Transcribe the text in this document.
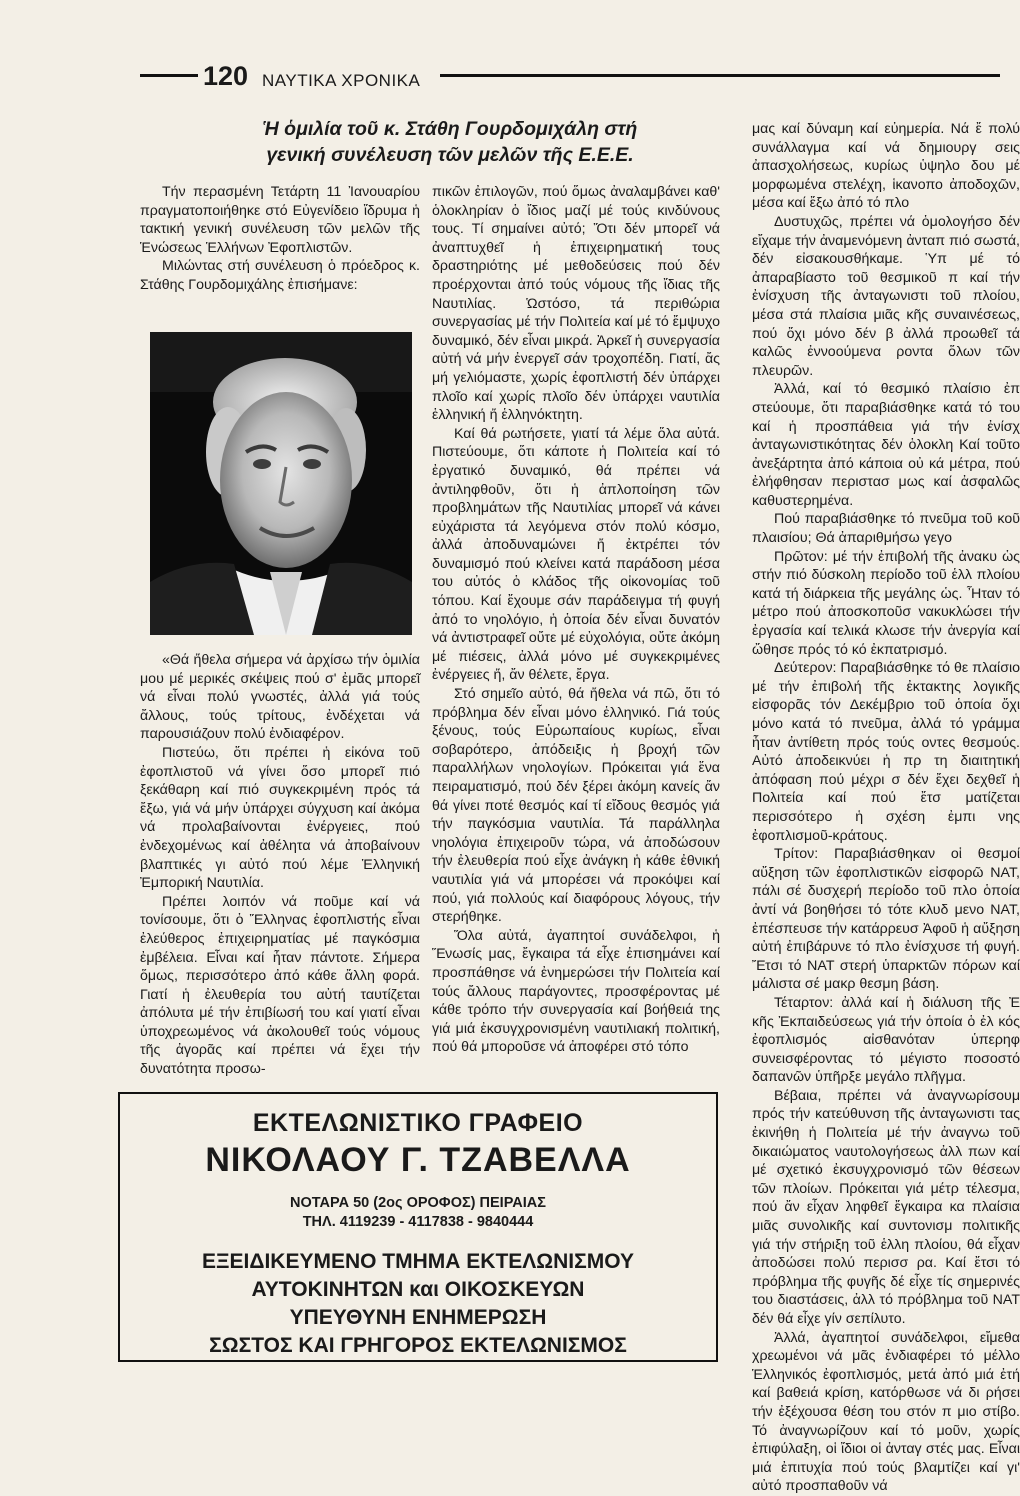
120 ΝΑΥΤΙΚΑ ΧΡΟΝΙΚΑ
Ἡ ὁμιλία τοῦ κ. Στάθη Γουρδομιχάλη στή
γενική συνέλευση τῶν μελῶν τῆς Ε.Ε.Ε.

Τήν περασμένη Τετάρτη 11 Ἰανουαρίου πραγματοποιήθηκε στό Εὐγενίδειο ἵδρυμα ἡ τακτική γενική συνέλευση τῶν μελῶν τῆς Ἑνώσεως Ἑλλήνων Ἐφοπλιστῶν.

Μιλώντας στή συνέλευση ὁ πρόεδρος κ. Στάθης Γουρδομιχάλης ἐπισήμανε:

«Θά ἤθελα σήμερα νά ἀρχίσω τήν ὁμιλία μου μέ μερικές σκέψεις πού σ' ἐμᾶς μπορεῖ νά εἶναι πολύ γνωστές, ἀλλά γιά τούς ἄλλους, τούς τρίτους, ἐνδέχεται νά παρουσιάζουν πολύ ἐνδιαφέρον.

Πιστεύω, ὅτι πρέπει ἡ εἰκόνα τοῦ ἐφοπλιστοῦ νά γίνει ὅσο μπορεῖ πιό ξεκάθαρη καί πιό συγκεκριμένη πρός τά ἔξω, γιά νά μήν ὑπάρχει σύγχυση καί ἀκόμα νά προλαβαίνονται ἐνέργειες, πού ἐνδεχομένως καί ἀθέλητα νά ἀποβαίνουν βλαπτικές γι αὐτό πού λέμε Ἑλληνική Ἐμπορική Ναυτιλία.

Πρέπει λοιπόν νά ποῦμε καί νά τονίσουμε, ὅτι ὁ Ἕλληνας ἐφοπλιστής εἶναι ἐλεύθερος ἐπιχειρηματίας μέ παγκόσμια ἐμβέλεια. Εἶναι καί ἦταν πάντοτε. Σήμερα ὅμως, περισσότερο ἀπό κάθε ἄλλη φορά. Γιατί ἡ ἐλευθερία του αὐτή ταυτίζεται ἀπόλυτα μέ τήν ἐπιβίωσή του καί γιατί εἶναι ὑποχρεωμένος νά ἀκολουθεῖ τούς νόμους τῆς ἀγορᾶς καί πρέπει νά ἔχει τήν δυνατότητα προσω-

πικῶν ἐπιλογῶν, πού ὅμως ἀναλαμβάνει καθ' ὁλοκληρίαν ὁ ἴδιος μαζί μέ τούς κινδύνους τους. Τί σημαίνει αὐτό; Ὅτι δέν μπορεῖ νά ἀναπτυχθεῖ ἡ ἐπιχειρηματική τους δραστηριότης μέ μεθοδεύσεις πού δέν προέρχονται ἀπό τούς νόμους τῆς ἴδιας τῆς Ναυτιλίας. Ὡστόσο, τά περιθώρια συνεργασίας μέ τήν Πολιτεία καί μέ τό ἔμψυχο δυναμικό, δέν εἶναι μικρά. Ἀρκεῖ ἡ συνεργασία αὐτή νά μήν ἐνεργεῖ σάν τροχοπέδη. Γιατί, ἄς μή γελιόμαστε, χωρίς ἐφοπλιστή δέν ὑπάρχει πλοῖο καί χωρίς πλοῖο δέν ὑπάρχει ναυτιλία ἑλληνική ἤ ἑλληνόκτητη.

Καί θά ρωτήσετε, γιατί τά λέμε ὅλα αὐτά. Πιστεύουμε, ὅτι κάποτε ἡ Πολιτεία καί τό ἐργατικό δυναμικό, θά πρέπει νά ἀντιληφθοῦν, ὅτι ἡ ἀπλοποίηση τῶν προβλημάτων τῆς Ναυτιλίας μπορεῖ νά κάνει εὐχάριστα τά λεγόμενα στόν πολύ κόσμο, ἀλλά ἀποδυναμώνει ἤ ἐκτρέπει τόν δυναμισμό πού κλείνει κατά παράδοση μέσα του αὐτός ὁ κλάδος τῆς οἰκονομίας τοῦ τόπου. Καί ἔχουμε σάν παράδειγμα τή φυγή ἀπό το νηολόγιο, ἡ ὁποία δέν εἶναι δυνατόν νά ἀντιστραφεῖ οὔτε μέ εὐχολόγια, οὔτε ἀκόμη μέ πιέσεις, ἀλλά μόνο μέ συγκεκριμένες ἐνέργειες ἤ, ἄν θέλετε, ἔργα.

Στό σημεῖο αὐτό, θά ἤθελα νά πῶ, ὅτι τό πρόβλημα δέν εἶναι μόνο ἑλληνικό. Γιά τούς ξένους, τούς Εὐρωπαίους κυρίως, εἶναι σοβαρότερο, ἀπόδειξις ἡ βροχή τῶν παραλλήλων νηολογίων. Πρόκειται γιά ἕνα πειραματισμό, πού δέν ξέρει ἀκόμη κανείς ἄν θά γίνει ποτέ θεσμός καί τί εἴδους θεσμός γιά τήν παγκόσμια ναυτιλία. Τά παράλληλα νηολόγια ἐπιχειροῦν τώρα, νά ἀποδώσουν τήν ἐλευθερία πού εἶχε ἀνάγκη ἡ κάθε ἐθνική ναυτιλία γιά νά μπορέσει νά προκόψει καί πού, γιά πολλούς καί διαφόρους λόγους, τήν στερήθηκε.

Ὅλα αὐτά, ἀγαπητοί συνάδελφοι, ἡ Ἕνωσίς μας, ἔγκαιρα τά εἶχε ἐπισημάνει καί προσπάθησε νά ἐνημερώσει τήν Πολιτεία καί τούς ἄλλους παράγοντες, προσφέροντας μέ κάθε τρόπο τήν συνεργασία καί βοήθειά της γιά μιά ἐκσυγχρονισμένη ναυτιλιακή πολιτική, πού θά μποροῦσε νά ἀποφέρει στό τόπο

μας καί δύναμη καί εὐημερία. Νά ἔ πολύ συνάλλαγμα καί νά δημιουργ σεις ἀπασχολήσεως, κυρίως ὑψηλο δου μέ μορφωμένα στελέχη, ἱκανοπο ἀποδοχῶν, μέσα καί ἔξω ἀπό τό πλο

Δυστυχῶς, πρέπει νά ὁμολογήσο δέν εἴχαμε τήν ἀναμενόμενη ἀνταπ πιό σωστά, δέν εἰσακουσθήκαμε. Ὑπ μέ τό ἀπαραβίαστο τοῦ θεσμικοῦ π καί τήν ἐνίσχυση τῆς ἀνταγωνιστι τοῦ πλοίου, μέσα στά πλαίσια μιᾶς κῆς συναινέσεως, πού ὄχι μόνο δέν β ἀλλά προωθεῖ τά καλῶς ἐννοούμενα ροντα ὅλων τῶν πλευρῶν.

Ἀλλά, καί τό θεσμικό πλαίσιο ἐπ στεύουμε, ὅτι παραβιάσθηκε κατά τό του καί ἡ προσπάθεια γιά τήν ἐνίσχ ἀνταγωνιστικότητας δέν ὁλοκλη Καί τοῦτο ἀνεξάρτητα ἀπό κάποια οὐ κά μέτρα, πού ἐλήφθησαν περιστασ μως καί ἀσφαλῶς καθυστερημένα.

Πού παραβιάσθηκε τό πνεῦμα τοῦ κοῦ πλαισίου; Θά ἀπαριθμήσω γεγο

Πρῶτον: μέ τήν ἐπιβολή τῆς ἀνακυ ὡς στήν πιό δύσκολη περίοδο τοῦ ἑλλ πλοίου κατά τή διάρκεια τῆς μεγάλης ὡς. Ἦταν τό μέτρο πού ἀποσκοποῦσ νακυκλώσει τήν ἐργασία καί τελικά κλωσε τήν ἀνεργία καί ὤθησε πρός τό κό ἐκπατρισμό.

Δεύτερον: Παραβιάσθηκε τό θε πλαίσιο μέ τήν ἐπιβολή τῆς ἐκτακτης λογικῆς εἰσφορᾶς τόν Δεκέμβριο τοῦ ὁποία ὄχι μόνο κατά τό πνεῦμα, ἀλλά τό γράμμα ἦταν ἀντίθετη πρός τούς οντες θεσμούς. Αὐτό ἀποδεικνύει ἡ πρ τη διαιτητική ἀπόφαση πού μέχρι σ δέν ἔχει δεχθεῖ ἡ Πολιτεία καί πού ἔτσ ματίζεται περισσότερο ἡ σχέση ἐμπι νης ἐφοπλισμοῦ-κράτους.

Τρίτον: Παραβιάσθηκαν οἱ θεσμοί αὔξηση τῶν ἐφοπλιστικῶν εἰσφορῶ ΝΑΤ, πάλι σέ δυσχερή περίοδο τοῦ πλο ὁποία ἀντί νά βοηθήσει τό τότε κλυδ μενο ΝΑΤ, ἐπέσπευσε τήν κατάρρευσ Ἀφοῦ ἡ αὔξηση αὐτή ἐπιβάρυνε τό πλο ἐνίσχυσε τή φυγή. Ἔτσι τό ΝΑΤ στερή ὑπαρκτῶν πόρων καί μάλιστα σέ μακρ θεσμη βάση.

Τέταρτον: ἀλλά καί ἡ διάλυση τῆς Ἐ κῆς Ἐκπαιδεύσεως γιά τήν ὁποία ὁ ἐλ κός ἐφοπλισμός αἰσθανόταν ὑπερηφ συνεισφέροντας τό μέγιστο ποσοστό δαπανῶν ὑπῆρξε μεγάλο πλῆγμα.

Βέβαια, πρέπει νά ἀναγνωρίσουμ πρός τήν κατεύθυνση τῆς ἀνταγωνιστι τας ἐκινήθη ἡ Πολιτεία μέ τήν ἀναγνω τοῦ δικαιώματος ναυτολογήσεως ἀλλ πων καί μέ σχετικό ἐκσυγχρονισμό τῶν θέσεων τῶν πλοίων. Πρόκειται γιά μέτρ τέλεσμα, πού ἄν εἶχαν ληφθεῖ ἔγκαιρα κα πλαίσια μιᾶς συνολικῆς καί συντονισμ πολιτικῆς γιά τήν στήριξη τοῦ ἑλλη πλοίου, θά εἶχαν ἀποδώσει πολύ περισσ ρα. Καί ἔτσι τό πρόβλημα τῆς φυγῆς δέ εἶχε τίς σημερινές του διαστάσεις, ἀλλ τό πρόβλημα τοῦ ΝΑΤ δέν θά εἶχε γίν σεπίλυτο.

Ἀλλά, ἀγαπητοί συνάδελφοι, εἴμεθα χρεωμένοι νά μᾶς ἐνδιαφέρει τό μέλλο Ἑλληνικός ἐφοπλισμός, μετά ἀπό μιά ἐτή καί βαθειά κρίση, κατόρθωσε νά δι ρήσει τήν ἐξέχουσα θέση του στόν π μιο στίβο. Τό ἀναγνωρίζουν καί τό μοῦν, χωρίς ἐπιφύλαξη, οἱ ἴδιοι οἱ ἀνταγ στές μας. Εἶναι μιά ἐπιτυχία πού τούς βλαμτίζει καί γι' αὐτό προσπαθοῦν νά

ΕΚΤΕΛΩΝΙΣΤΙΚΟ ΓΡΑΦΕΙΟ
ΝΙΚΟΛΑΟΥ Γ. ΤΖΑΒΕΛΛΑ
ΝΟΤΑΡΑ 50 (2ος ΟΡΟΦΟΣ) ΠΕΙΡΑΙΑΣ
ΤΗΛ. 4119239 - 4117838 - 9840444
ΕΞΕΙΔΙΚΕΥΜΕΝΟ ΤΜΗΜΑ ΕΚΤΕΛΩΝΙΣΜΟΥ
ΑΥΤΟΚΙΝΗΤΩΝ και ΟΙΚΟΣΚΕΥΩΝ
ΥΠΕΥΘΥΝΗ ΕΝΗΜΕΡΩΣΗ
ΣΩΣΤΟΣ ΚΑΙ ΓΡΗΓΟΡΟΣ ΕΚΤΕΛΩΝΙΣΜΟΣ
